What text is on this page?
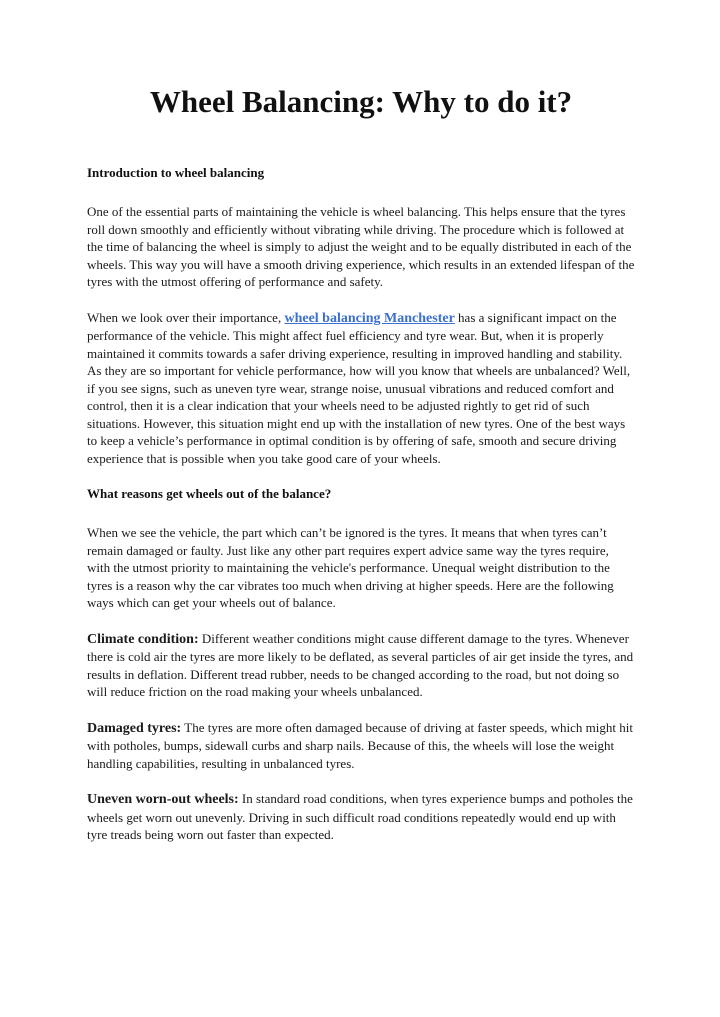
Wheel Balancing: Why to do it?
Introduction to wheel balancing

One of the essential parts of maintaining the vehicle is wheel balancing. This helps ensure that the tyres roll down smoothly and efficiently without vibrating while driving. The procedure which is followed at the time of balancing the wheel is simply to adjust the weight and to be equally distributed in each of the wheels. This way you will have a smooth driving experience, which results in an extended lifespan of the tyres with the utmost offering of performance and safety.

When we look over their importance, wheel balancing Manchester has a significant impact on the performance of the vehicle. This might affect fuel efficiency and tyre wear. But, when it is properly maintained it commits towards a safer driving experience, resulting in improved handling and stability. As they are so important for vehicle performance, how will you know that wheels are unbalanced? Well, if you see signs, such as uneven tyre wear, strange noise, unusual vibrations and reduced comfort and control, then it is a clear indication that your wheels need to be adjusted rightly to get rid of such situations. However, this situation might end up with the installation of new tyres. One of the best ways to keep a vehicle’s performance in optimal condition is by offering of safe, smooth and secure driving experience that is possible when you take good care of your wheels.

What reasons get wheels out of the balance?

When we see the vehicle, the part which can’t be ignored is the tyres. It means that when tyres can’t remain damaged or faulty. Just like any other part requires expert advice same way the tyres require, with the utmost priority to maintaining the vehicle's performance. Unequal weight distribution to the tyres is a reason why the car vibrates too much when driving at higher speeds. Here are the following ways which can get your wheels out of balance.

Climate condition: Different weather conditions might cause different damage to the tyres. Whenever there is cold air the tyres are more likely to be deflated, as several particles of air get inside the tyres, and results in deflation. Different tread rubber, needs to be changed according to the road, but not doing so will reduce friction on the road making your wheels unbalanced.

Damaged tyres: The tyres are more often damaged because of driving at faster speeds, which might hit with potholes, bumps, sidewall curbs and sharp nails. Because of this, the wheels will lose the weight handling capabilities, resulting in unbalanced tyres.

Uneven worn-out wheels: In standard road conditions, when tyres experience bumps and potholes the wheels get worn out unevenly. Driving in such difficult road conditions repeatedly would end up with tyre treads being worn out faster than expected.
